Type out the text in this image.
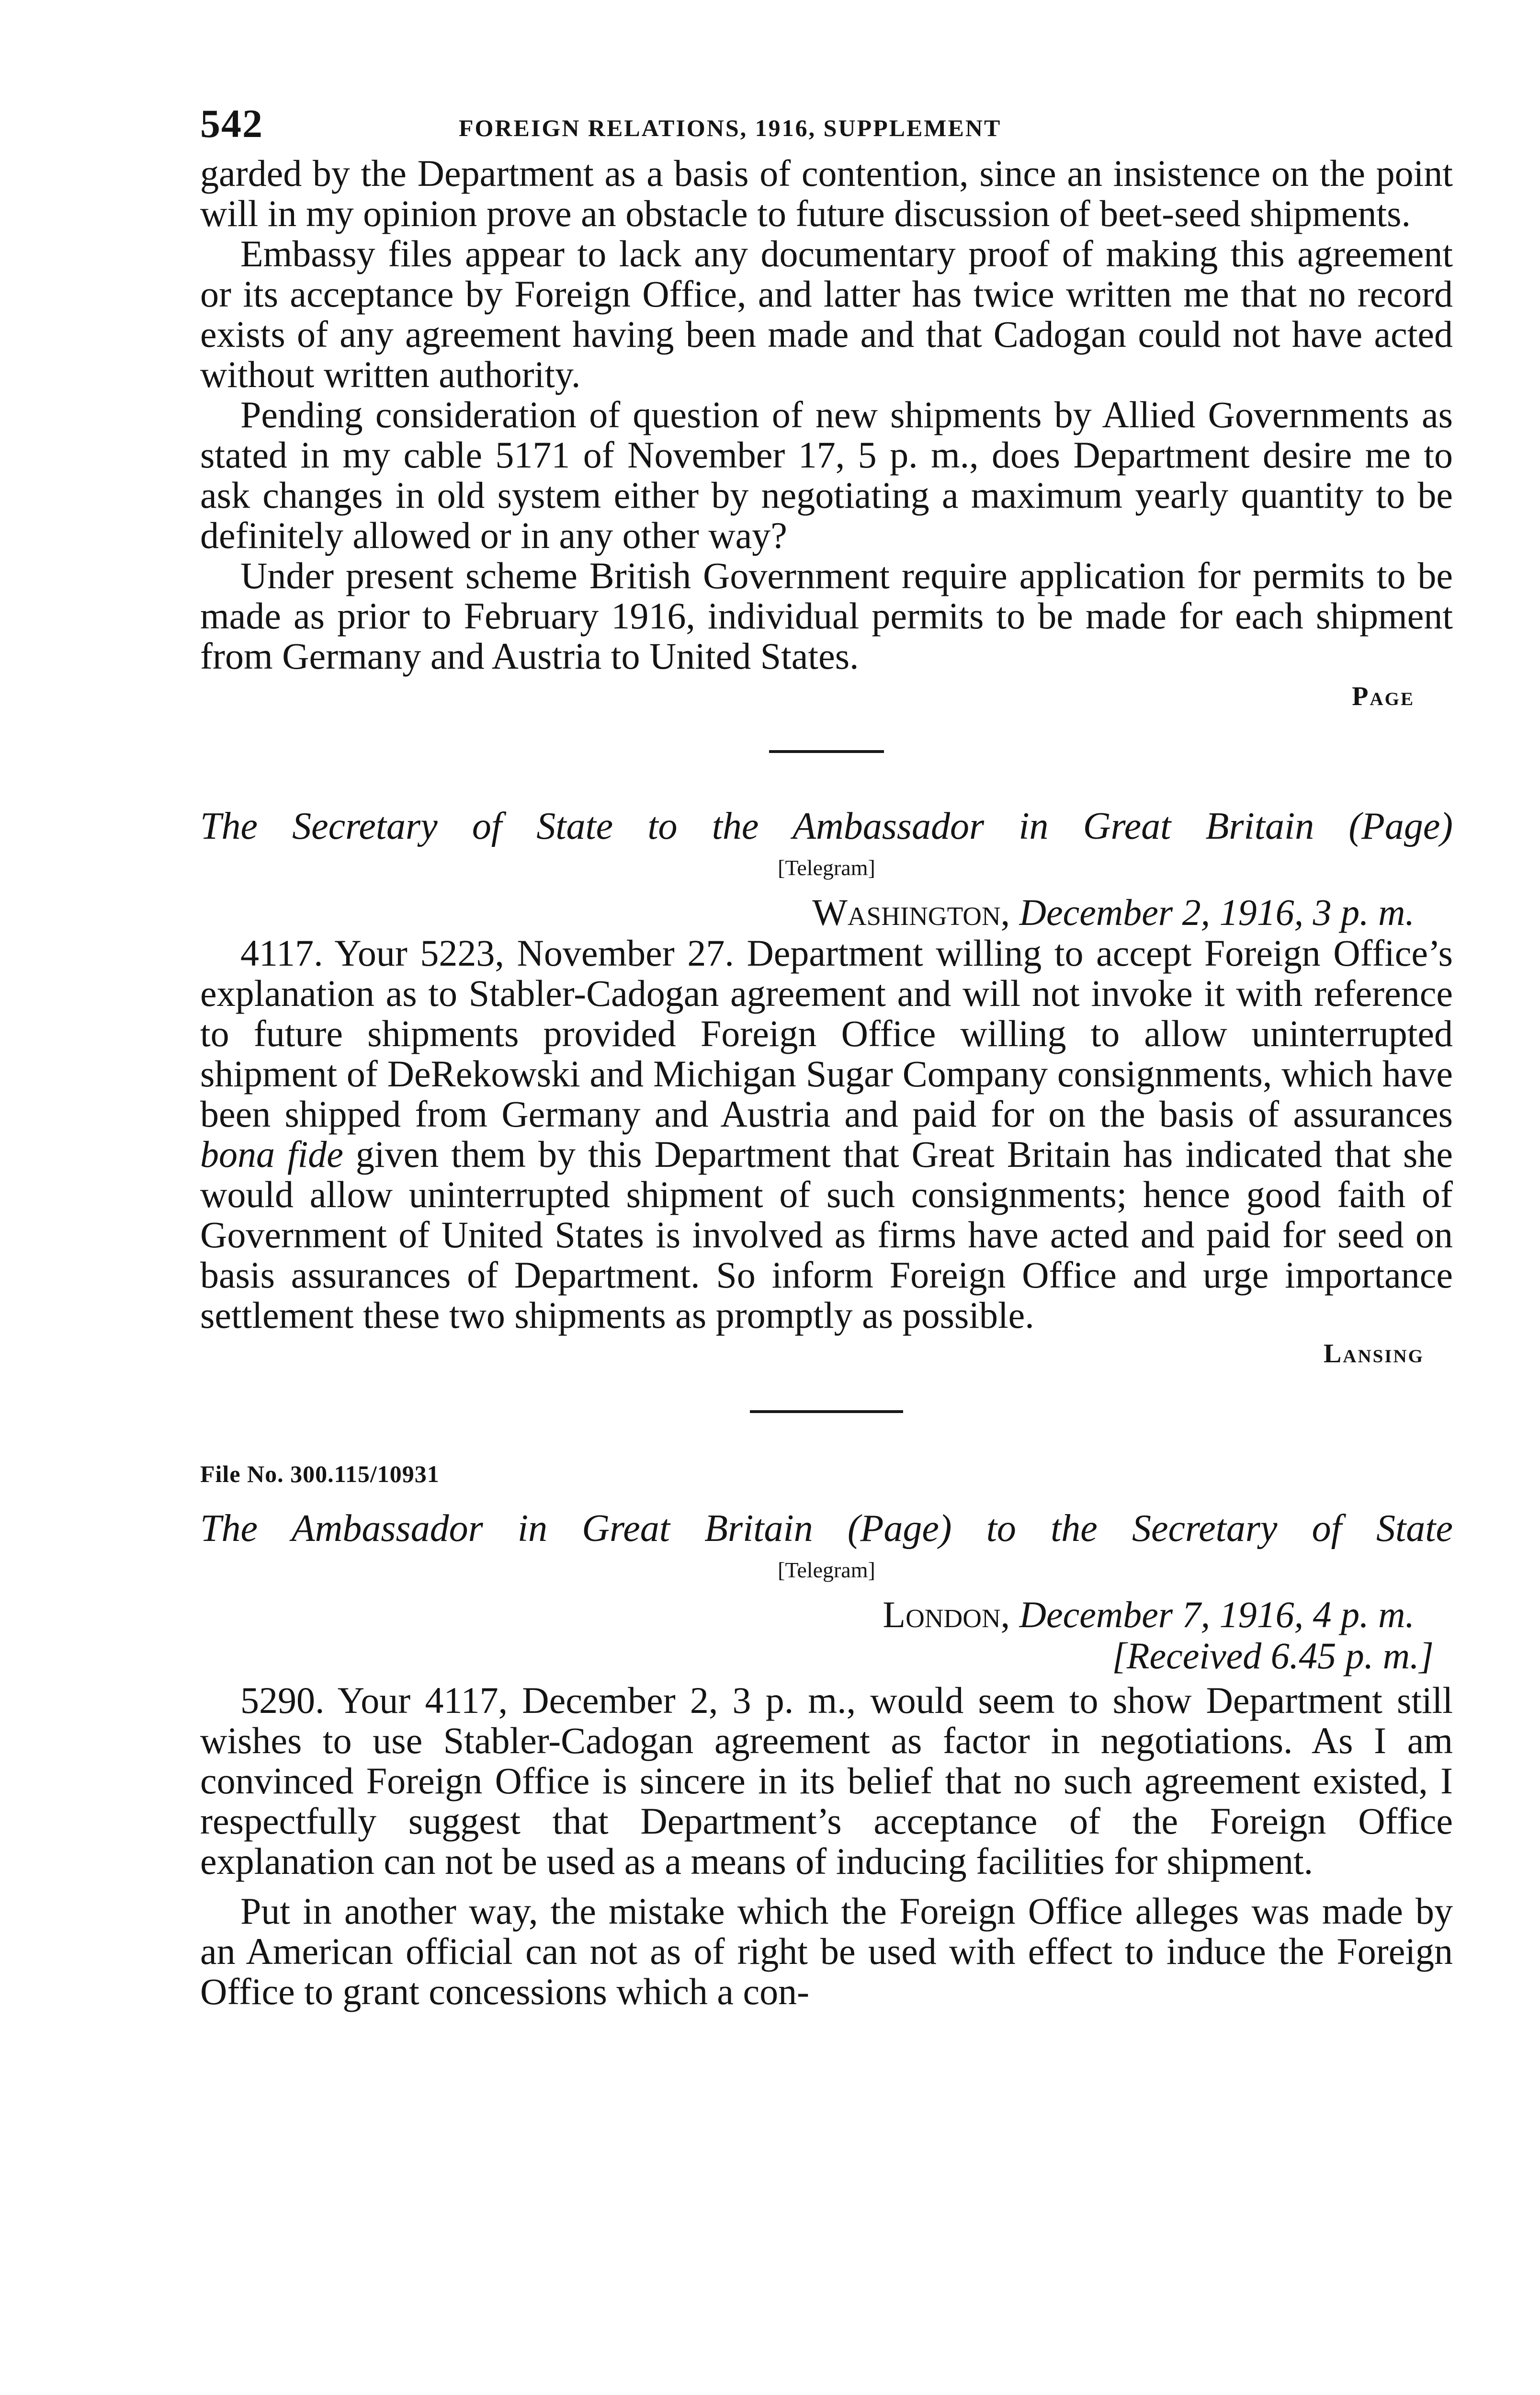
542	FOREIGN RELATIONS, 1916, SUPPLEMENT

garded by the Department as a basis of contention, since an insistence on the point will in my opinion prove an obstacle to future discussion of beet-seed shipments.

Embassy files appear to lack any documentary proof of making this agreement or its acceptance by Foreign Office, and latter has twice written me that no record exists of any agreement having been made and that Cadogan could not have acted without written authority.

Pending consideration of question of new shipments by Allied Governments as stated in my cable 5171 of November 17, 5 p. m., does Department desire me to ask changes in old system either by negotiating a maximum yearly quantity to be definitely allowed or in any other way?

Under present scheme British Government require application for permits to be made as prior to February 1916, individual permits to be made for each shipment from Germany and Austria to United States.

Page
The Secretary of State to the Ambassador in Great Britain (Page)
[Telegram]
Washington, December 2, 1916, 3 p. m.

4117. Your 5223, November 27. Department willing to accept Foreign Office’s explanation as to Stabler-Cadogan agreement and will not invoke it with reference to future shipments provided Foreign Office willing to allow uninterrupted shipment of DeRekowski and Michigan Sugar Company consignments, which have been shipped from Germany and Austria and paid for on the basis of assurances bona fide given them by this Department that Great Britain has indicated that she would allow uninterrupted shipment of such consignments; hence good faith of Government of United States is involved as firms have acted and paid for seed on basis assurances of Department. So inform Foreign Office and urge importance settlement these two shipments as promptly as possible.

Lansing
File No. 300.115/10931
The Ambassador in Great Britain (Page) to the Secretary of State
[Telegram]
London, December 7, 1916, 4 p. m.
[Received 6.45 p. m.]

5290. Your 4117, December 2, 3 p. m., would seem to show Department still wishes to use Stabler-Cadogan agreement as factor in negotiations. As I am convinced Foreign Office is sincere in its belief that no such agreement existed, I respectfully suggest that Department’s acceptance of the Foreign Office explanation can not be used as a means of inducing facilities for shipment.

Put in another way, the mistake which the Foreign Office alleges was made by an American official can not as of right be used with effect to induce the Foreign Office to grant concessions which a con-
